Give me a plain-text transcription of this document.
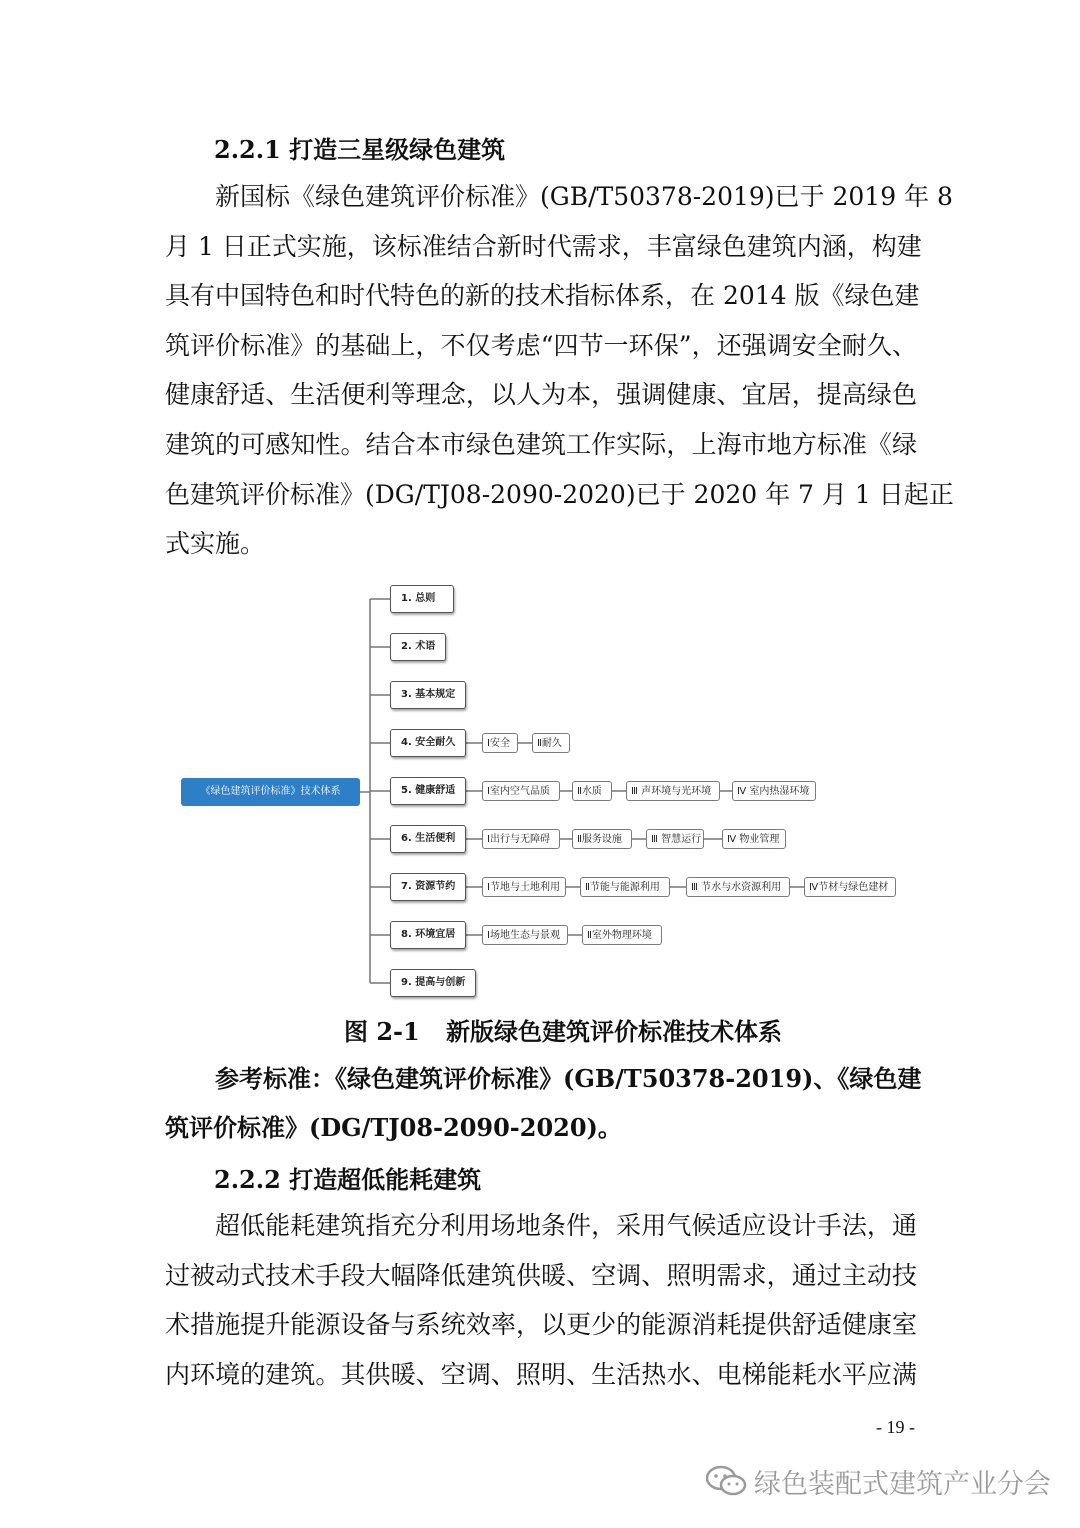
2.2.1 打造三星级绿色建筑
新国标《绿色建筑评价标准》(GB/T50378-2019)已于 2019 年 8
月 1 日正式实施，该标准结合新时代需求，丰富绿色建筑内涵，构建
具有中国特色和时代特色的新的技术指标体系，在 2014 版《绿色建
筑评价标准》的基础上，不仅考虑“四节一环保”，还强调安全耐久、
健康舒适、生活便利等理念，以人为本，强调健康、宜居，提高绿色
建筑的可感知性。结合本市绿色建筑工作实际，上海市地方标准《绿
色建筑评价标准》(DG/TJ08-2090-2020)已于 2020 年 7 月 1 日起正
式实施。
《绿色建筑评价标准》技术体系
1. 总则
2. 术语
3. 基本规定
4. 安全耐久	Ⅰ安全	Ⅱ耐久
5. 健康舒适	Ⅰ室内空气品质	Ⅱ水质	Ⅲ 声环境与光环境	Ⅳ 室内热湿环境
6. 生活便利	Ⅰ出行与无障碍	Ⅱ服务设施	Ⅲ 智慧运行	Ⅳ 物业管理
7. 资源节约	Ⅰ节地与土地利用	Ⅱ节能与能源利用	Ⅲ 节水与水资源利用	Ⅳ节材与绿色建材
8. 环境宜居	Ⅰ场地生态与景观	Ⅱ室外物理环境
9. 提高与创新
图 2-1 新版绿色建筑评价标准技术体系
参考标准：《绿色建筑评价标准》(GB/T50378-2019)、《绿色建
筑评价标准》(DG/TJ08-2090-2020)。
2.2.2 打造超低能耗建筑
超低能耗建筑指充分利用场地条件，采用气候适应设计手法，通
过被动式技术手段大幅降低建筑供暖、空调、照明需求，通过主动技
术措施提升能源设备与系统效率，以更少的能源消耗提供舒适健康室
内环境的建筑。其供暖、空调、照明、生活热水、电梯能耗水平应满
- 19 -
绿色装配式建筑产业分会
